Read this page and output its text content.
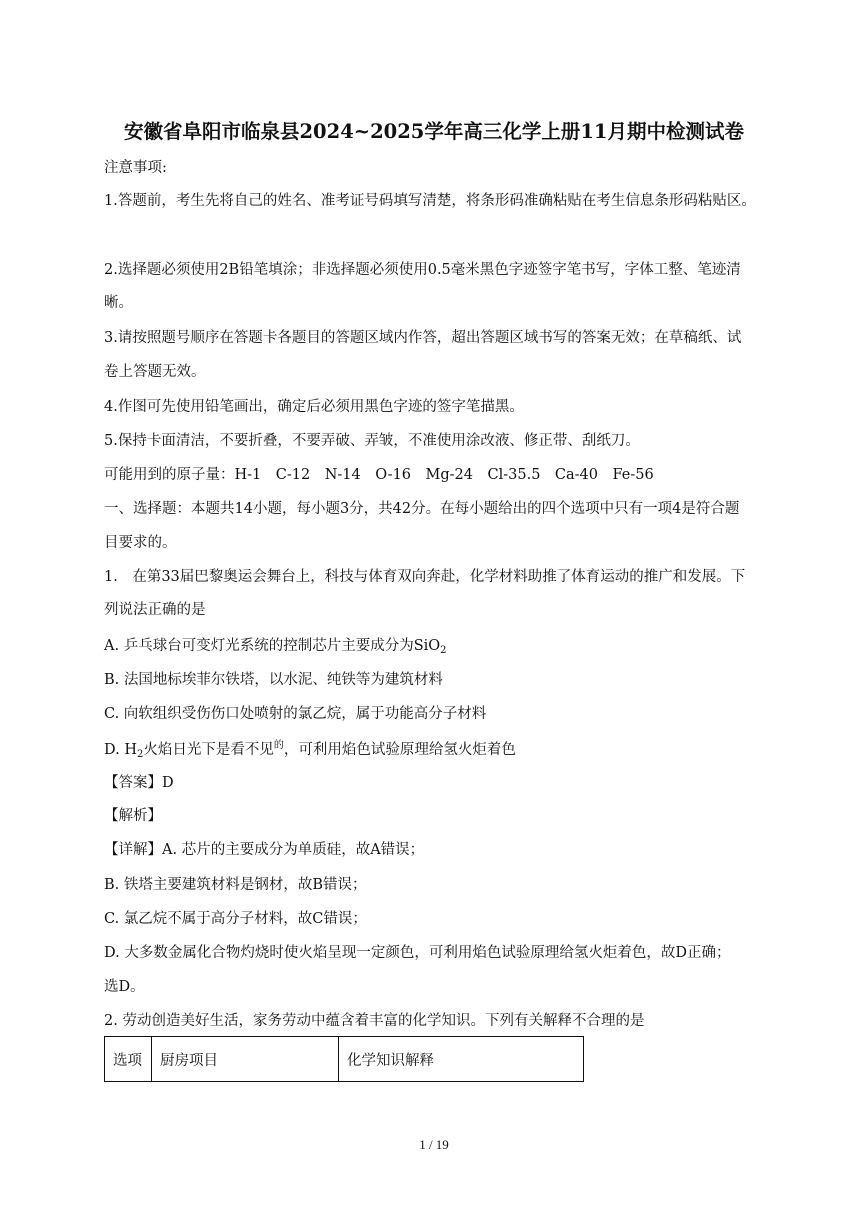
安徽省阜阳市临泉县2024~2025学年高三化学上册11月期中检测试卷
注意事项:
1.答题前，考生先将自己的姓名、准考证号码填写清楚，将条形码准确粘贴在考生信息条形码粘贴区。
2.选择题必须使用2B铅笔填涂；非选择题必须使用0.5毫米黑色字迹签字笔书写，字体工整、笔迹清
晰。
3.请按照题号顺序在答题卡各题目的答题区域内作答，超出答题区域书写的答案无效；在草稿纸、试
卷上答题无效。
4.作图可先使用铅笔画出，确定后必须用黑色字迹的签字笔描黑。
5.保持卡面清洁，不要折叠，不要弄破、弄皱，不准使用涂改液、修正带、刮纸刀。
可能用到的原子量：H-1　C-12　N-14　O-16　Mg-24　Cl-35.5　Ca-40　Fe-56
一、选择题：本题共14小题，每小题3分，共42分。在每小题给出的四个选项中只有一项4是符合题
目要求的。
1.　在第33届巴黎奥运会舞台上，科技与体育双向奔赴，化学材料助推了体育运动的推广和发展。下
列说法正确的是
A. 乒乓球台可变灯光系统的控制芯片主要成分为SiO$_2$
B. 法国地标埃菲尔铁塔，以水泥、纯铁等为建筑材料
C. 向软组织受伤伤口处喷射的氯乙烷，属于功能高分子材料
D. $H_2$火焰日光下是看不见$^的$，可利用焰色试验原理给氢火炬着色
【答案】D
【解析】
【详解】A. 芯片的主要成分为单质硅，故A错误；
B. 铁塔主要建筑材料是钢材，故B错误；
C. 氯乙烷不属于高分子材料，故C错误；
D. 大多数金属化合物灼烧时使火焰呈现一定颜色，可利用焰色试验原理给氢火炬着色，故D正确；
选D。
2. 劳动创造美好生活，家务劳动中蕴含着丰富的化学知识。下列有关解释不合理的是
选项	厨房项目	化学知识解释
1 / 19
